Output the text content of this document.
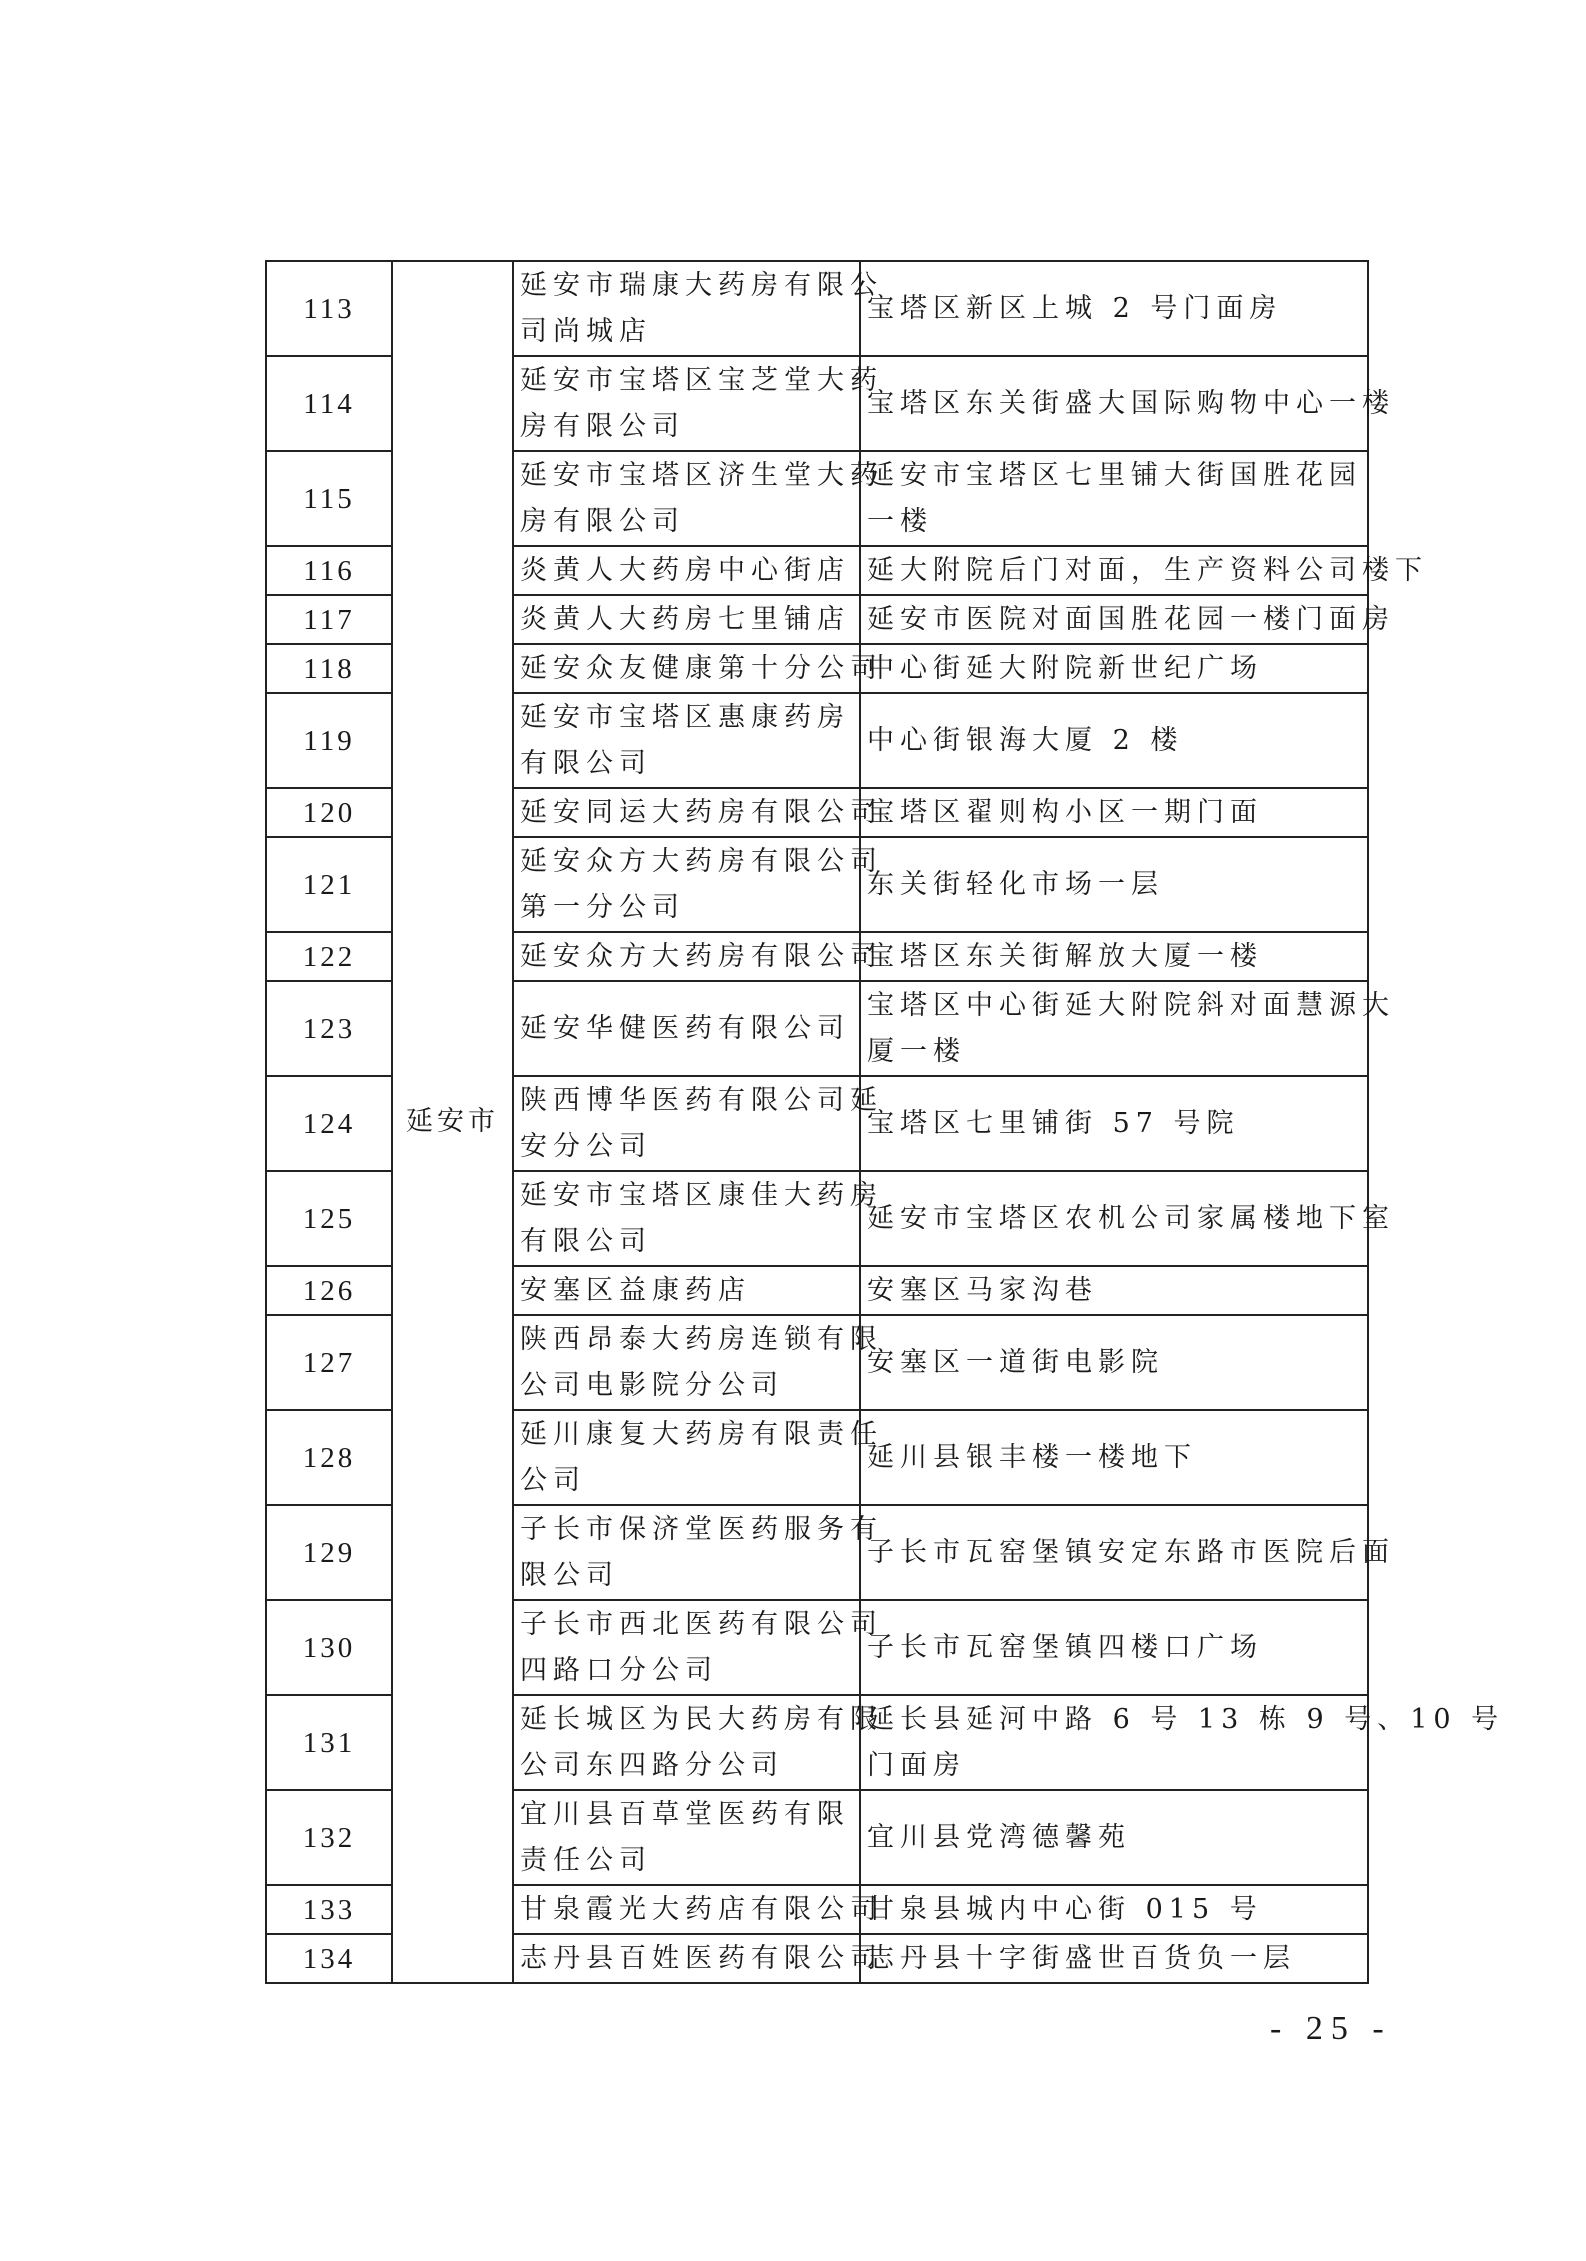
113	延安市	延安市瑞康大药房有限公
司尚城店	宝塔区新区上城 2 号门面房

114		延安市宝塔区宝芝堂大药
房有限公司	宝塔区东关街盛大国际购物中心一楼

115		延安市宝塔区济生堂大药
房有限公司	延安市宝塔区七里铺大街国胜花园
一楼

116		炎黄人大药房中心街店	延大附院后门对面，生产资料公司楼下

117		炎黄人大药房七里铺店	延安市医院对面国胜花园一楼门面房

118		延安众友健康第十分公司	中心街延大附院新世纪广场

119		延安市宝塔区惠康药房
有限公司	中心街银海大厦 2 楼

120		延安同运大药房有限公司	宝塔区翟则构小区一期门面

121		延安众方大药房有限公司
第一分公司	东关街轻化市场一层

122		延安众方大药房有限公司	宝塔区东关街解放大厦一楼

123		延安华健医药有限公司	宝塔区中心街延大附院斜对面慧源大
厦一楼

124		陕西博华医药有限公司延
安分公司	宝塔区七里铺街 57 号院

125		延安市宝塔区康佳大药房
有限公司	延安市宝塔区农机公司家属楼地下室

126		安塞区益康药店	安塞区马家沟巷

127		陕西昂泰大药房连锁有限
公司电影院分公司	安塞区一道街电影院

128		延川康复大药房有限责任
公司	延川县银丰楼一楼地下

129		子长市保济堂医药服务有
限公司	子长市瓦窑堡镇安定东路市医院后面

130		子长市西北医药有限公司
四路口分公司	子长市瓦窑堡镇四楼口广场

131		延长城区为民大药房有限
公司东四路分公司	延长县延河中路 6 号 13 栋 9 号、10 号
门面房

132		宜川县百草堂医药有限
责任公司	宜川县党湾德馨苑

133		甘泉霞光大药店有限公司	甘泉县城内中心街 015 号

134		志丹县百姓医药有限公司	志丹县十字街盛世百货负一层
- 25 -
